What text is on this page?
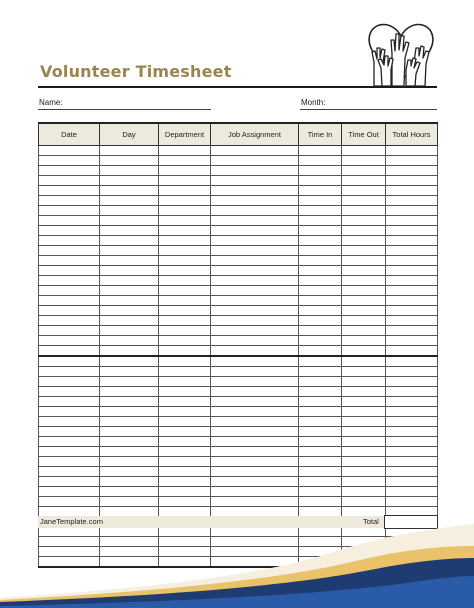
Volunteer Timesheet
Name:	Month:
Date	Day	Department	Job Assignment	Time In	Time Out	Total Hours

JaneTemplate.com	Total
